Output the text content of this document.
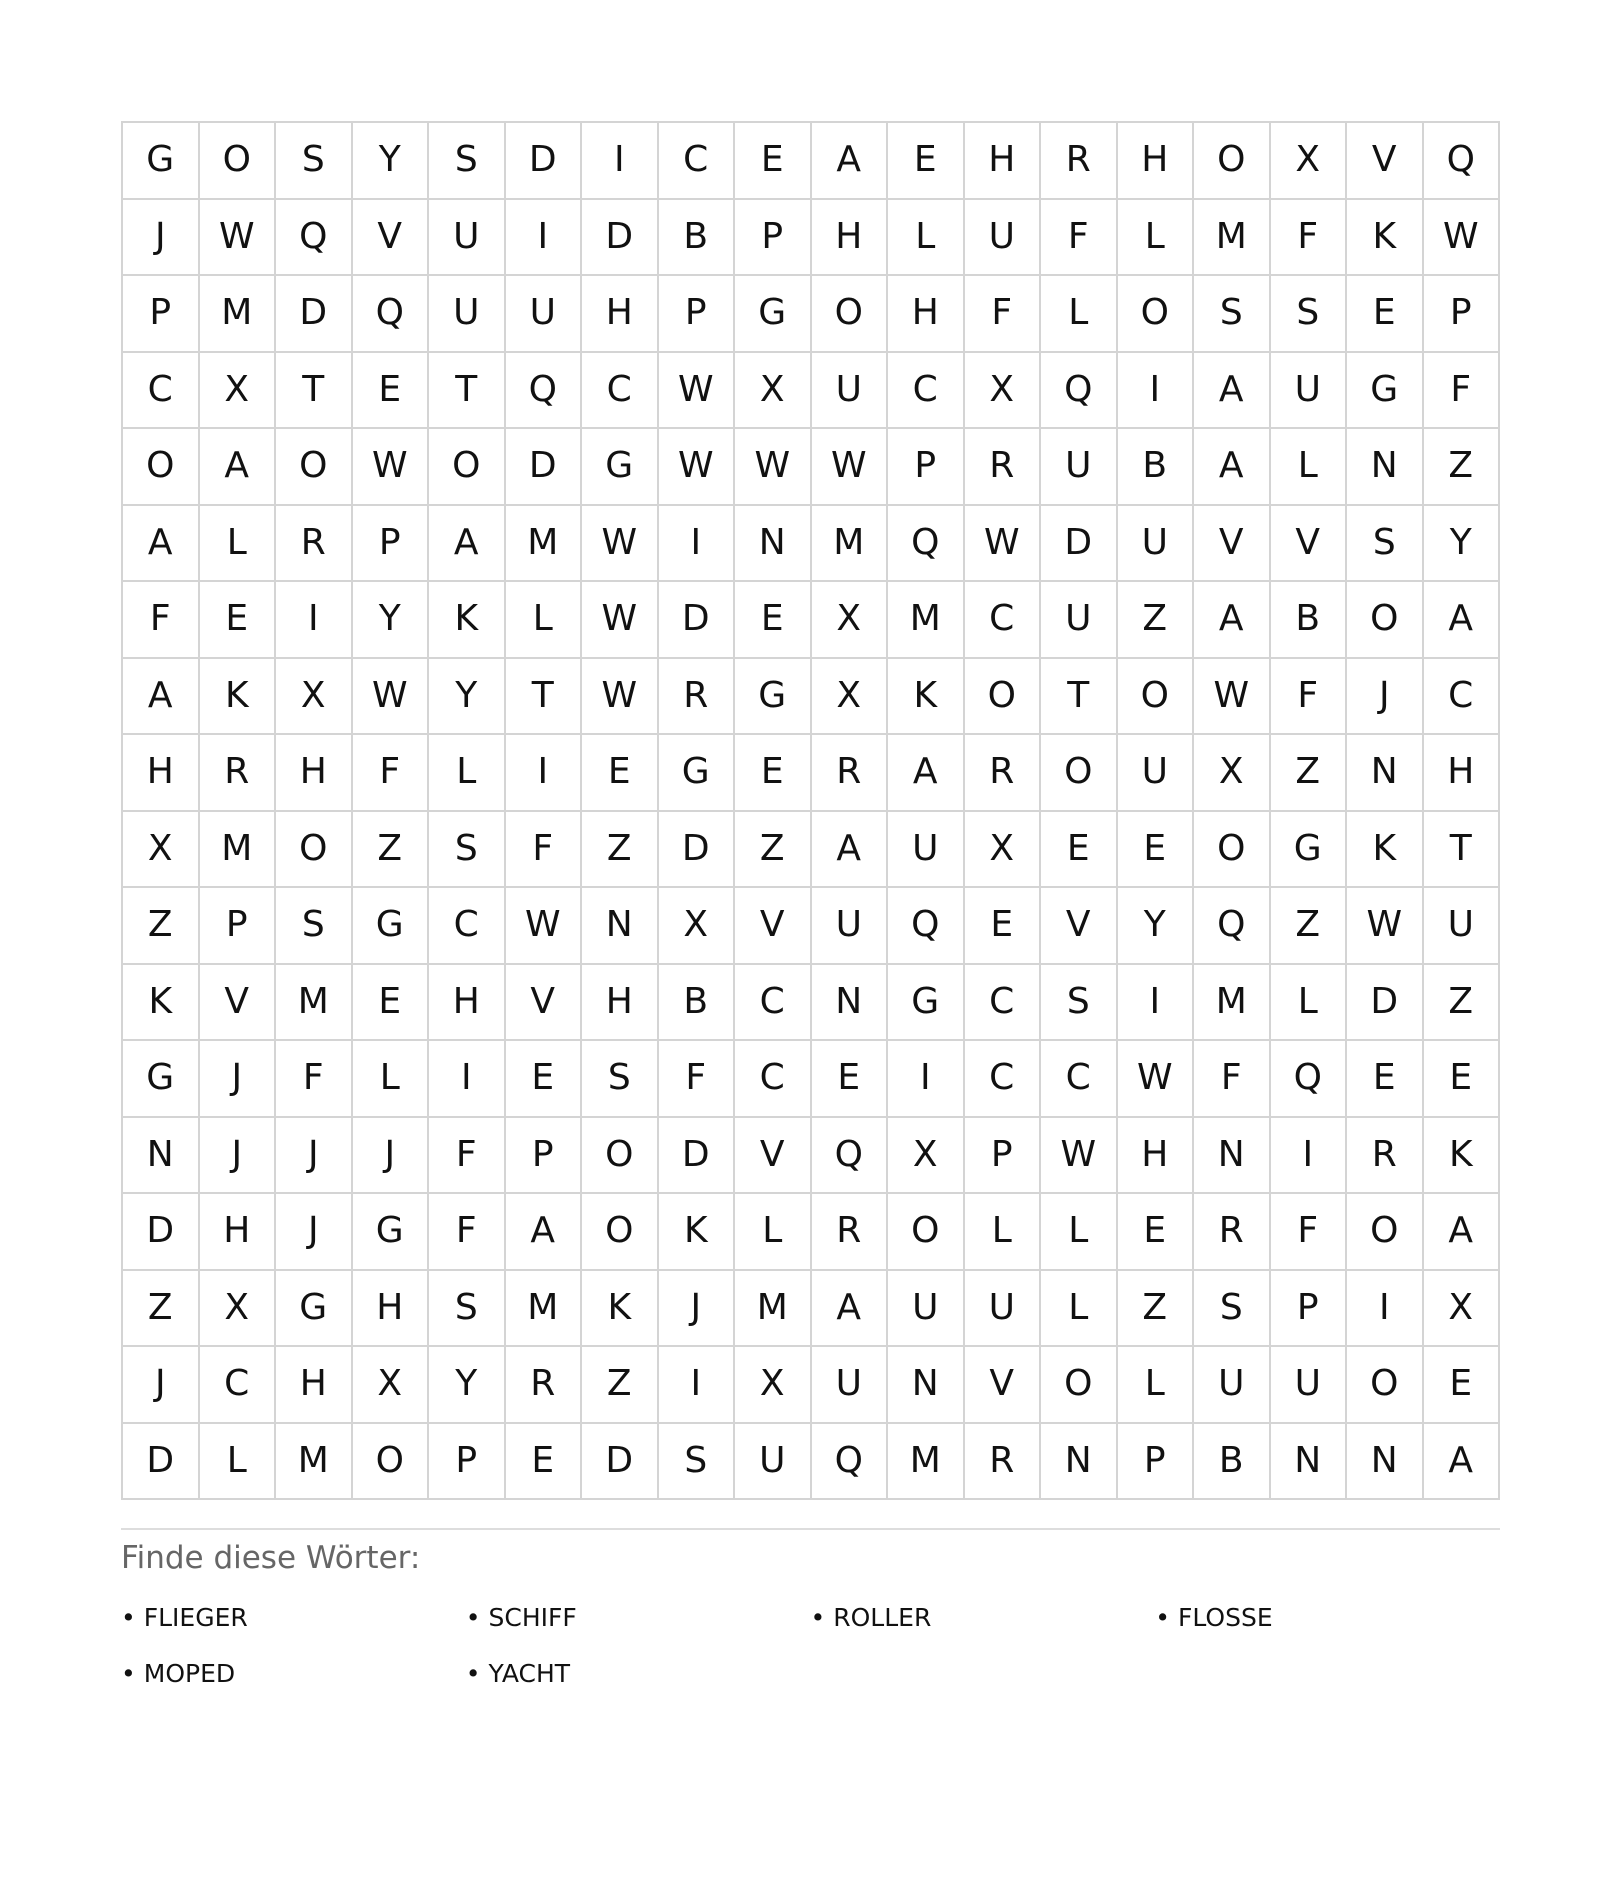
G	O	S	Y	S	D	I	C	E	A	E	H	R	H	O	X	V	Q
J	W	Q	V	U	I	D	B	P	H	L	U	F	L	M	F	K	W
P	M	D	Q	U	U	H	P	G	O	H	F	L	O	S	S	E	P
C	X	T	E	T	Q	C	W	X	U	C	X	Q	I	A	U	G	F
O	A	O	W	O	D	G	W	W	W	P	R	U	B	A	L	N	Z
A	L	R	P	A	M	W	I	N	M	Q	W	D	U	V	V	S	Y
F	E	I	Y	K	L	W	D	E	X	M	C	U	Z	A	B	O	A
A	K	X	W	Y	T	W	R	G	X	K	O	T	O	W	F	J	C
H	R	H	F	L	I	E	G	E	R	A	R	O	U	X	Z	N	H
X	M	O	Z	S	F	Z	D	Z	A	U	X	E	E	O	G	K	T
Z	P	S	G	C	W	N	X	V	U	Q	E	V	Y	Q	Z	W	U
K	V	M	E	H	V	H	B	C	N	G	C	S	I	M	L	D	Z
G	J	F	L	I	E	S	F	C	E	I	C	C	W	F	Q	E	E
N	J	J	J	F	P	O	D	V	Q	X	P	W	H	N	I	R	K
D	H	J	G	F	A	O	K	L	R	O	L	L	E	R	F	O	A
Z	X	G	H	S	M	K	J	M	A	U	U	L	Z	S	P	I	X
J	C	H	X	Y	R	Z	I	X	U	N	V	O	L	U	U	O	E
D	L	M	O	P	E	D	S	U	Q	M	R	N	P	B	N	N	A
Finde diese Wörter:
• FLIEGER	• SCHIFF	• ROLLER	• FLOSSE
• MOPED	• YACHT
